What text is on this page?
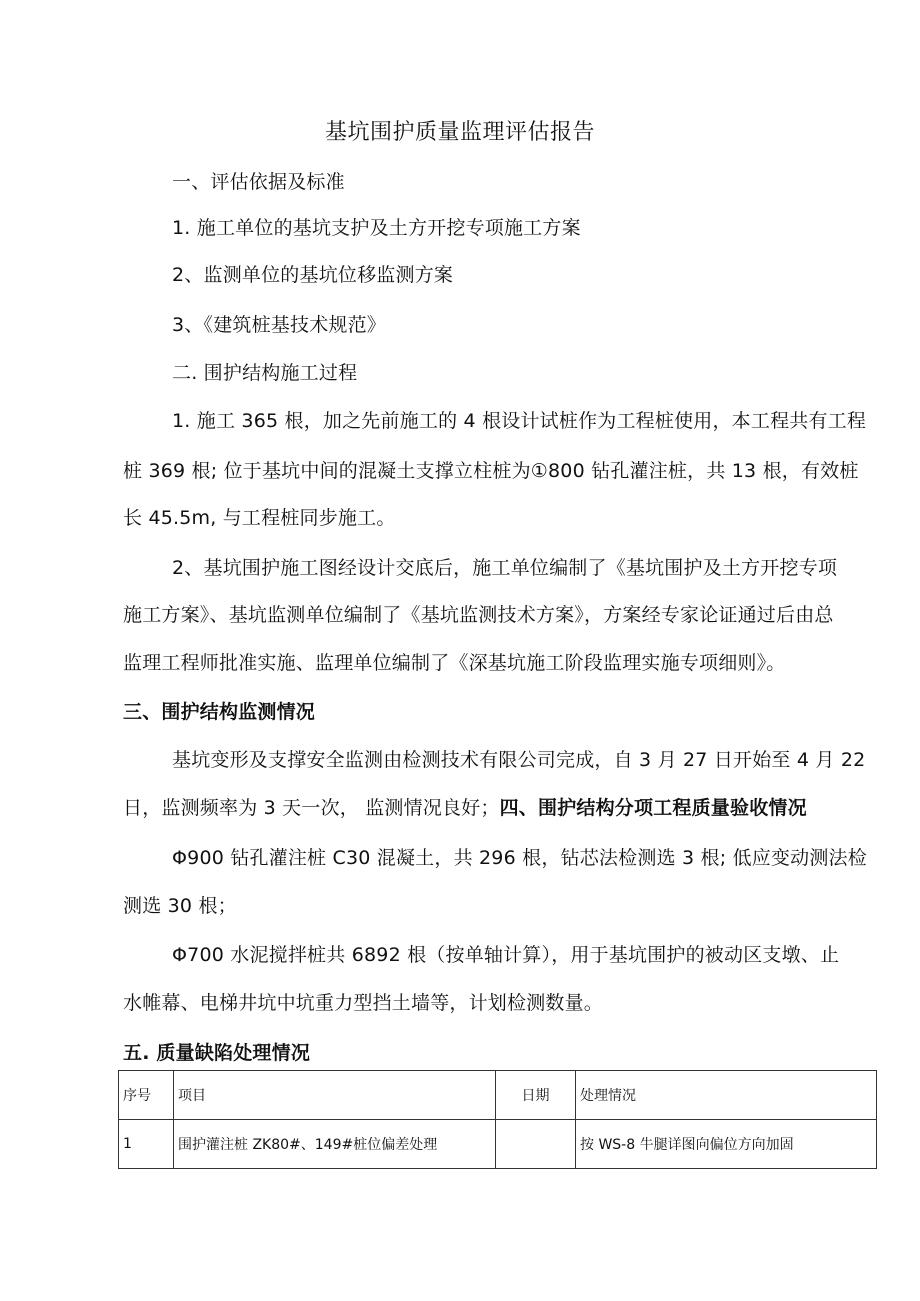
基坑围护质量监理评估报告
一、评估依据及标准
1. 施工单位的基坑支护及土方开挖专项施工方案
2、监测单位的基坑位移监测方案
3、《建筑桩基技术规范》
二. 围护结构施工过程
1. 施工 365 根，加之先前施工的 4 根设计试桩作为工程桩使用，本工程共有工程
桩 369 根; 位于基坑中间的混凝土支撑立柱桩为①800 钻孔灌注桩，共 13 根，有效桩
长 45.5m, 与工程桩同步施工。
2、基坑围护施工图经设计交底后，施工单位编制了《基坑围护及土方开挖专项
施工方案》、基坑监测单位编制了《基坑监测技术方案》，方案经专家论证通过后由总
监理工程师批准实施、监理单位编制了《深基坑施工阶段监理实施专项细则》。
三、围护结构监测情况
基坑变形及支撑安全监测由检测技术有限公司完成，自 3 月 27 日开始至 4 月 22
日，监测频率为 3 天一次， 监测情况良好；四、围护结构分项工程质量验收情况
Φ900 钻孔灌注桩 C30 混凝土，共 296 根，钻芯法检测选 3 根; 低应变动测法检
测选 30 根；
Φ700 水泥搅拌桩共 6892 根（按单轴计算），用于基坑围护的被动区支墩、止
水帷幕、电梯井坑中坑重力型挡土墙等，计划检测数量。
五. 质量缺陷处理情况
序号	项目	日期	处理情况
1	围护灌注桩 ZK80#、149#桩位偏差处理		按 WS-8 牛腿详图向偏位方向加固
